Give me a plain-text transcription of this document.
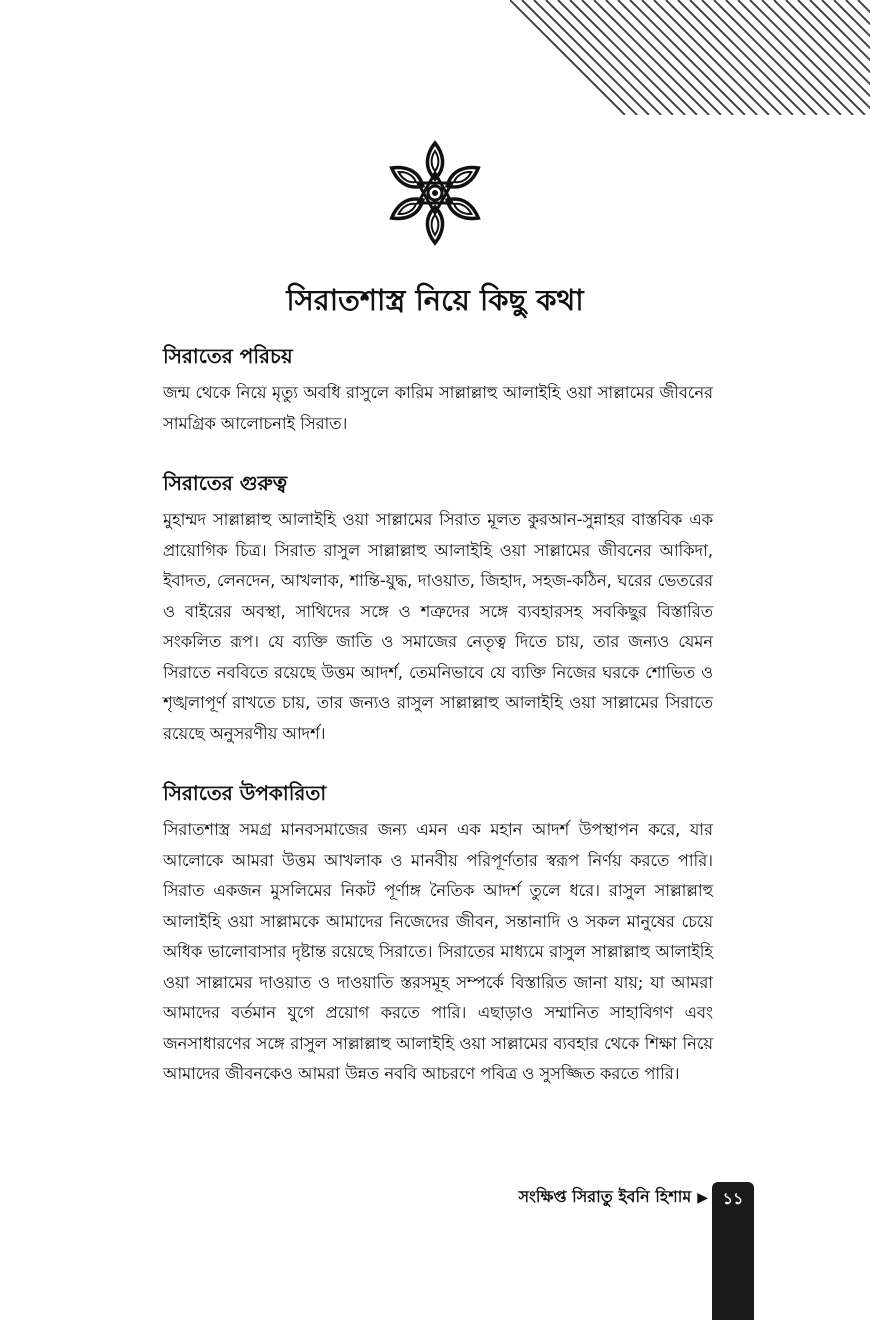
সিরাতশাস্ত্র নিয়ে কিছু কথা
সিরাতের পরিচয়

জন্ম থেকে নিয়ে মৃত্যু অবধি রাসুলে কারিম সাল্লাল্লাহু আলাইহি ওয়া সাল্লামের জীবনের সামগ্রিক আলোচনাই সিরাত।

সিরাতের গুরুত্ব

মুহাম্মদ সাল্লাল্লাহু আলাইহি ওয়া সাল্লামের সিরাত মূলত কুরআন-সুন্নাহর বাস্তবিক এক প্রায়োগিক চিত্র। সিরাত রাসুল সাল্লাল্লাহু আলাইহি ওয়া সাল্লামের জীবনের আকিদা, ইবাদত, লেনদেন, আখলাক, শান্তি-যুদ্ধ, দাওয়াত, জিহাদ, সহজ-কঠিন, ঘরের ভেতরের ও বাইরের অবস্থা, সাথিদের সঙ্গে ও শত্রুদের সঙ্গে ব্যবহারসহ সবকিছুর বিস্তারিত সংকলিত রূপ। যে ব্যক্তি জাতি ও সমাজের নেতৃত্ব দিতে চায়, তার জন্যও যেমন সিরাতে নববিতে রয়েছে উত্তম আদর্শ, তেমনিভাবে যে ব্যক্তি নিজের ঘরকে শোভিত ও শৃঙ্খলাপূর্ণ রাখতে চায়, তার জন্যও রাসুল সাল্লাল্লাহু আলাইহি ওয়া সাল্লামের সিরাতে রয়েছে অনুসরণীয় আদর্শ।

সিরাতের উপকারিতা

সিরাতশাস্ত্র সমগ্র মানবসমাজের জন্য এমন এক মহান আদর্শ উপস্থাপন করে, যার আলোকে আমরা উত্তম আখলাক ও মানবীয় পরিপূর্ণতার স্বরূপ নির্ণয় করতে পারি। সিরাত একজন মুসলিমের নিকট পূর্ণাঙ্গ নৈতিক আদর্শ তুলে ধরে। রাসুল সাল্লাল্লাহু আলাইহি ওয়া সাল্লামকে আমাদের নিজেদের জীবন, সন্তানাদি ও সকল মানুষের চেয়ে অধিক ভালোবাসার দৃষ্টান্ত রয়েছে সিরাতে। সিরাতের মাধ্যমে রাসুল সাল্লাল্লাহু আলাইহি ওয়া সাল্লামের দাওয়াত ও দাওয়াতি স্তরসমূহ সম্পর্কে বিস্তারিত জানা যায়; যা আমরা আমাদের বর্তমান যুগে প্রয়োগ করতে পারি। এছাড়াও সম্মানিত সাহাবিগণ এবং জনসাধারণের সঙ্গে রাসুল সাল্লাল্লাহু আলাইহি ওয়া সাল্লামের ব্যবহার থেকে শিক্ষা নিয়ে আমাদের জীবনকেও আমরা উন্নত নববি আচরণে পবিত্র ও সুসজ্জিত করতে পারি।

সংক্ষিপ্ত সিরাতু ইবনি হিশাম ▶ ১১
